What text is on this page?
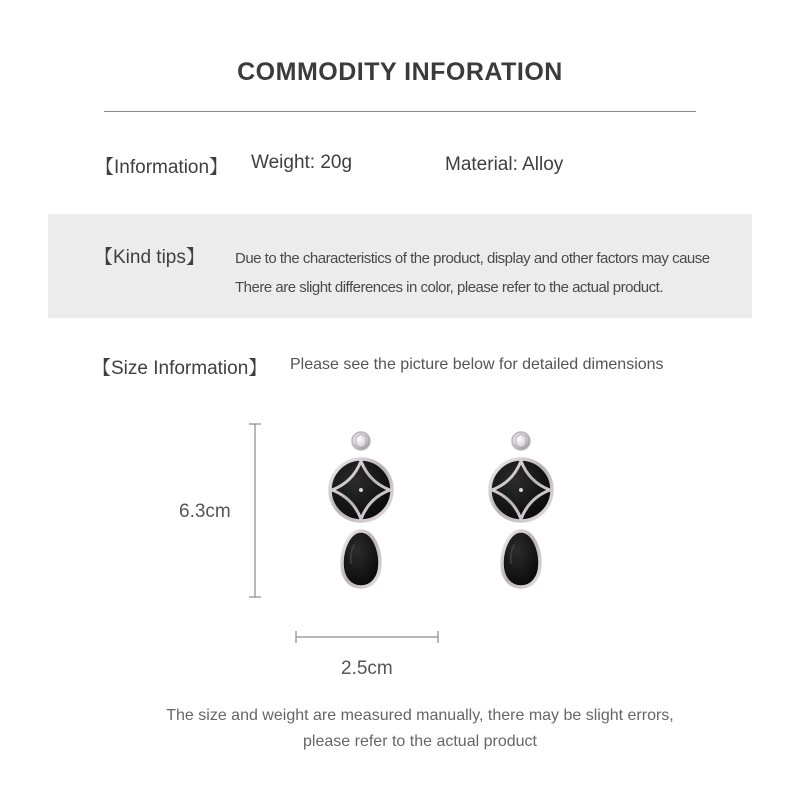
COMMODITY INFORATION
【Information】 Weight: 20g	Material: Alloy
【Kind tips】 Due to the characteristics of the product, display and other factors may cause
There are slight differences in color, please refer to the actual product.
【Size Information】 Please see the picture below for detailed dimensions
6.3cm
2.5cm
The size and weight are measured manually, there may be slight errors,
please refer to the actual product
